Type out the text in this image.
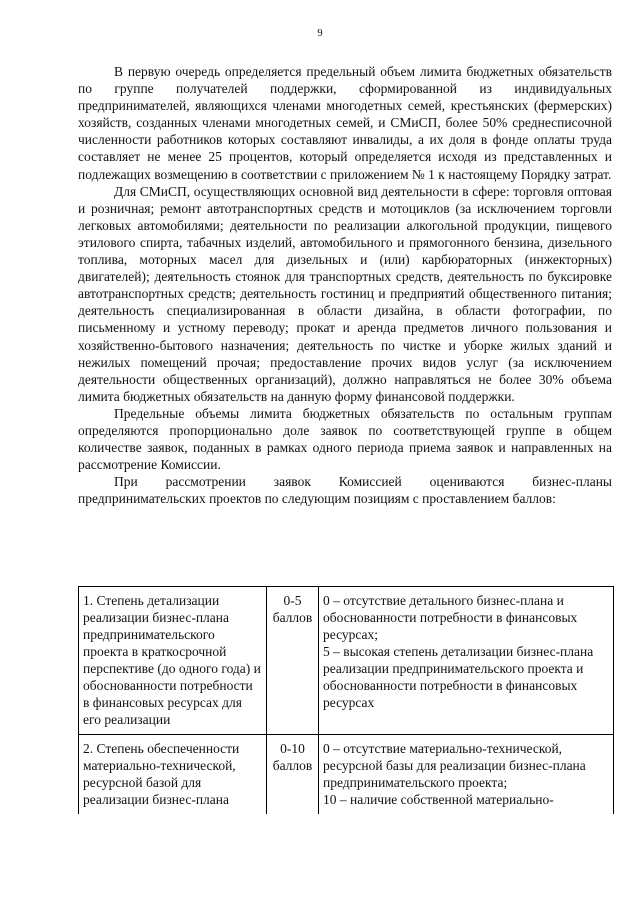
9

В первую очередь определяется предельный объем лимита бюджетных обязательств по группе получателей поддержки, сформированной из индивидуальных предпринимателей, являющихся членами многодетных семей, крестьянских (фермерских) хозяйств, созданных членами многодетных семей, и СМиСП, более 50% среднесписочной численности работников которых составляют инвалиды, а их доля в фонде оплаты труда составляет не менее 25 процентов, который определяется исходя из представленных и подлежащих возмещению в соответствии с приложением № 1 к настоящему Порядку затрат.

Для СМиСП, осуществляющих основной вид деятельности в сфере: торговля оптовая и розничная; ремонт автотранспортных средств и мотоциклов (за исключением торговли легковых автомобилями; деятельности по реализации алкогольной продукции, пищевого этилового спирта, табачных изделий, автомобильного и прямогонного бензина, дизельного топлива, моторных масел для дизельных и (или) карбюраторных (инжекторных) двигателей); деятельность стоянок для транспортных средств, деятельность по буксировке автотранспортных средств; деятельность гостиниц и предприятий общественного питания; деятельность специализированная в области дизайна, в области фотографии, по письменному и устному переводу; прокат и аренда предметов личного пользования и хозяйственно-бытового назначения; деятельность по чистке и уборке жилых зданий и нежилых помещений прочая; предоставление прочих видов услуг (за исключением деятельности общественных организаций), должно направляться не более 30% объема лимита бюджетных обязательств на данную форму финансовой поддержки.

Предельные объемы лимита бюджетных обязательств по остальным группам определяются пропорционально доле заявок по соответствующей группе в общем количестве заявок, поданных в рамках одного периода приема заявок и направленных на рассмотрение Комиссии.

При рассмотрении заявок Комиссией оцениваются бизнес-планы предпринимательских проектов по следующим позициям с проставлением баллов:

1. Степень детализации реализации бизнес-плана предпринимательского проекта в краткосрочной перспективе (до одного года) и обоснованности потребности в финансовых ресурсах для его реализации	0-5 баллов	0 – отсутствие детального бизнес-плана и обоснованности потребности в финансовых ресурсах;
5 – высокая степень детализации бизнес-плана реализации предпринимательского проекта и обоснованности потребности в финансовых ресурсах

2. Степень обеспеченности материально-технической, ресурсной базой для реализации бизнес-плана	0-10 баллов	0 – отсутствие материально-технической, ресурсной базы для реализации бизнес-плана предпринимательского проекта;
10 – наличие собственной материально-
